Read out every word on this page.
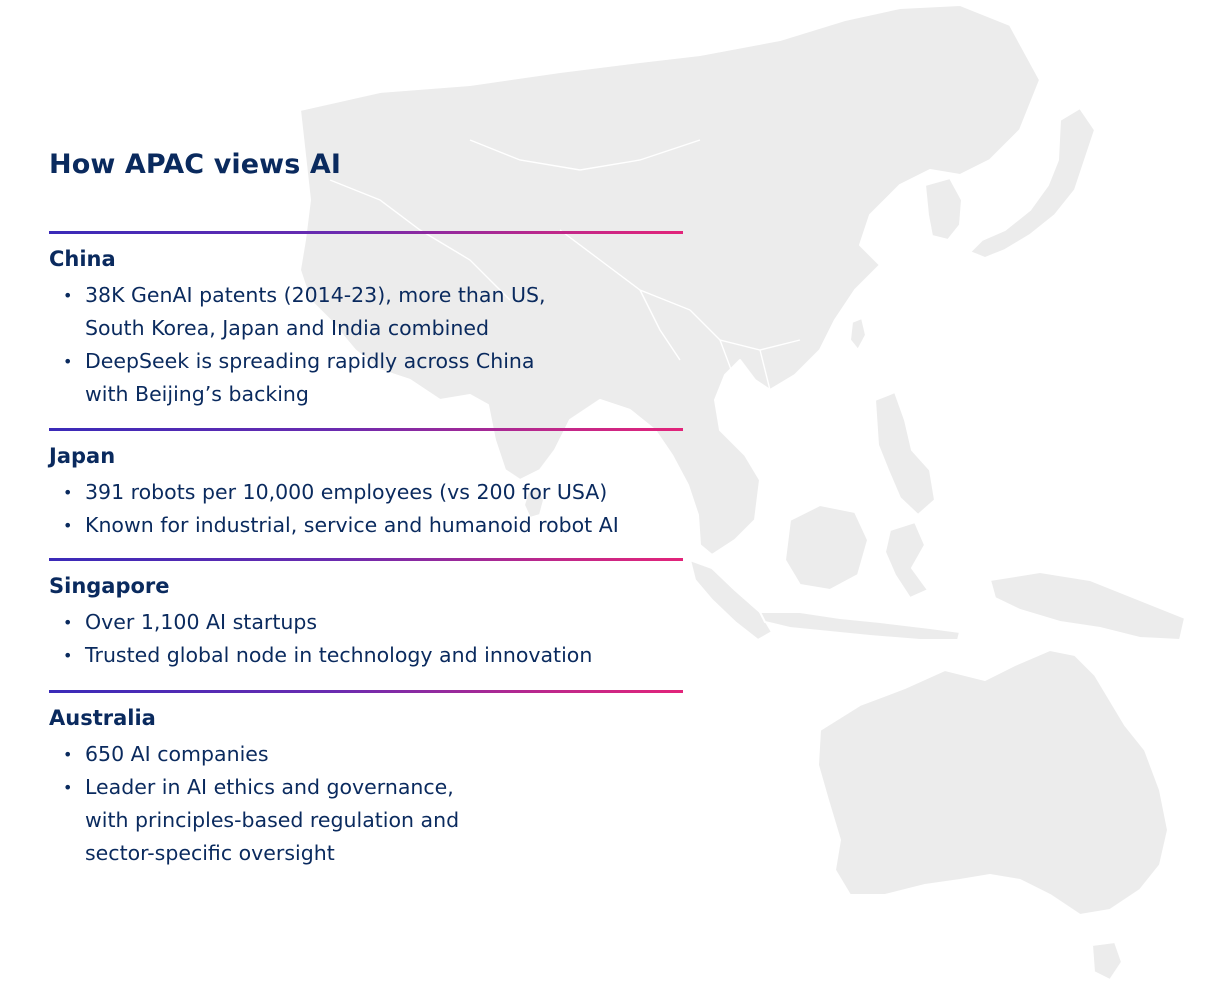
How APAC views AI
China
• 38K GenAI patents (2014-23), more than US,
South Korea, Japan and India combined
• DeepSeek is spreading rapidly across China
with Beijing’s backing
Japan
• 391 robots per 10,000 employees (vs 200 for USA)
• Known for industrial, service and humanoid robot AI
Singapore
• Over 1,100 AI startups
• Trusted global node in technology and innovation
Australia
• 650 AI companies
• Leader in AI ethics and governance,
with principles-based regulation and
sector-specific oversight
